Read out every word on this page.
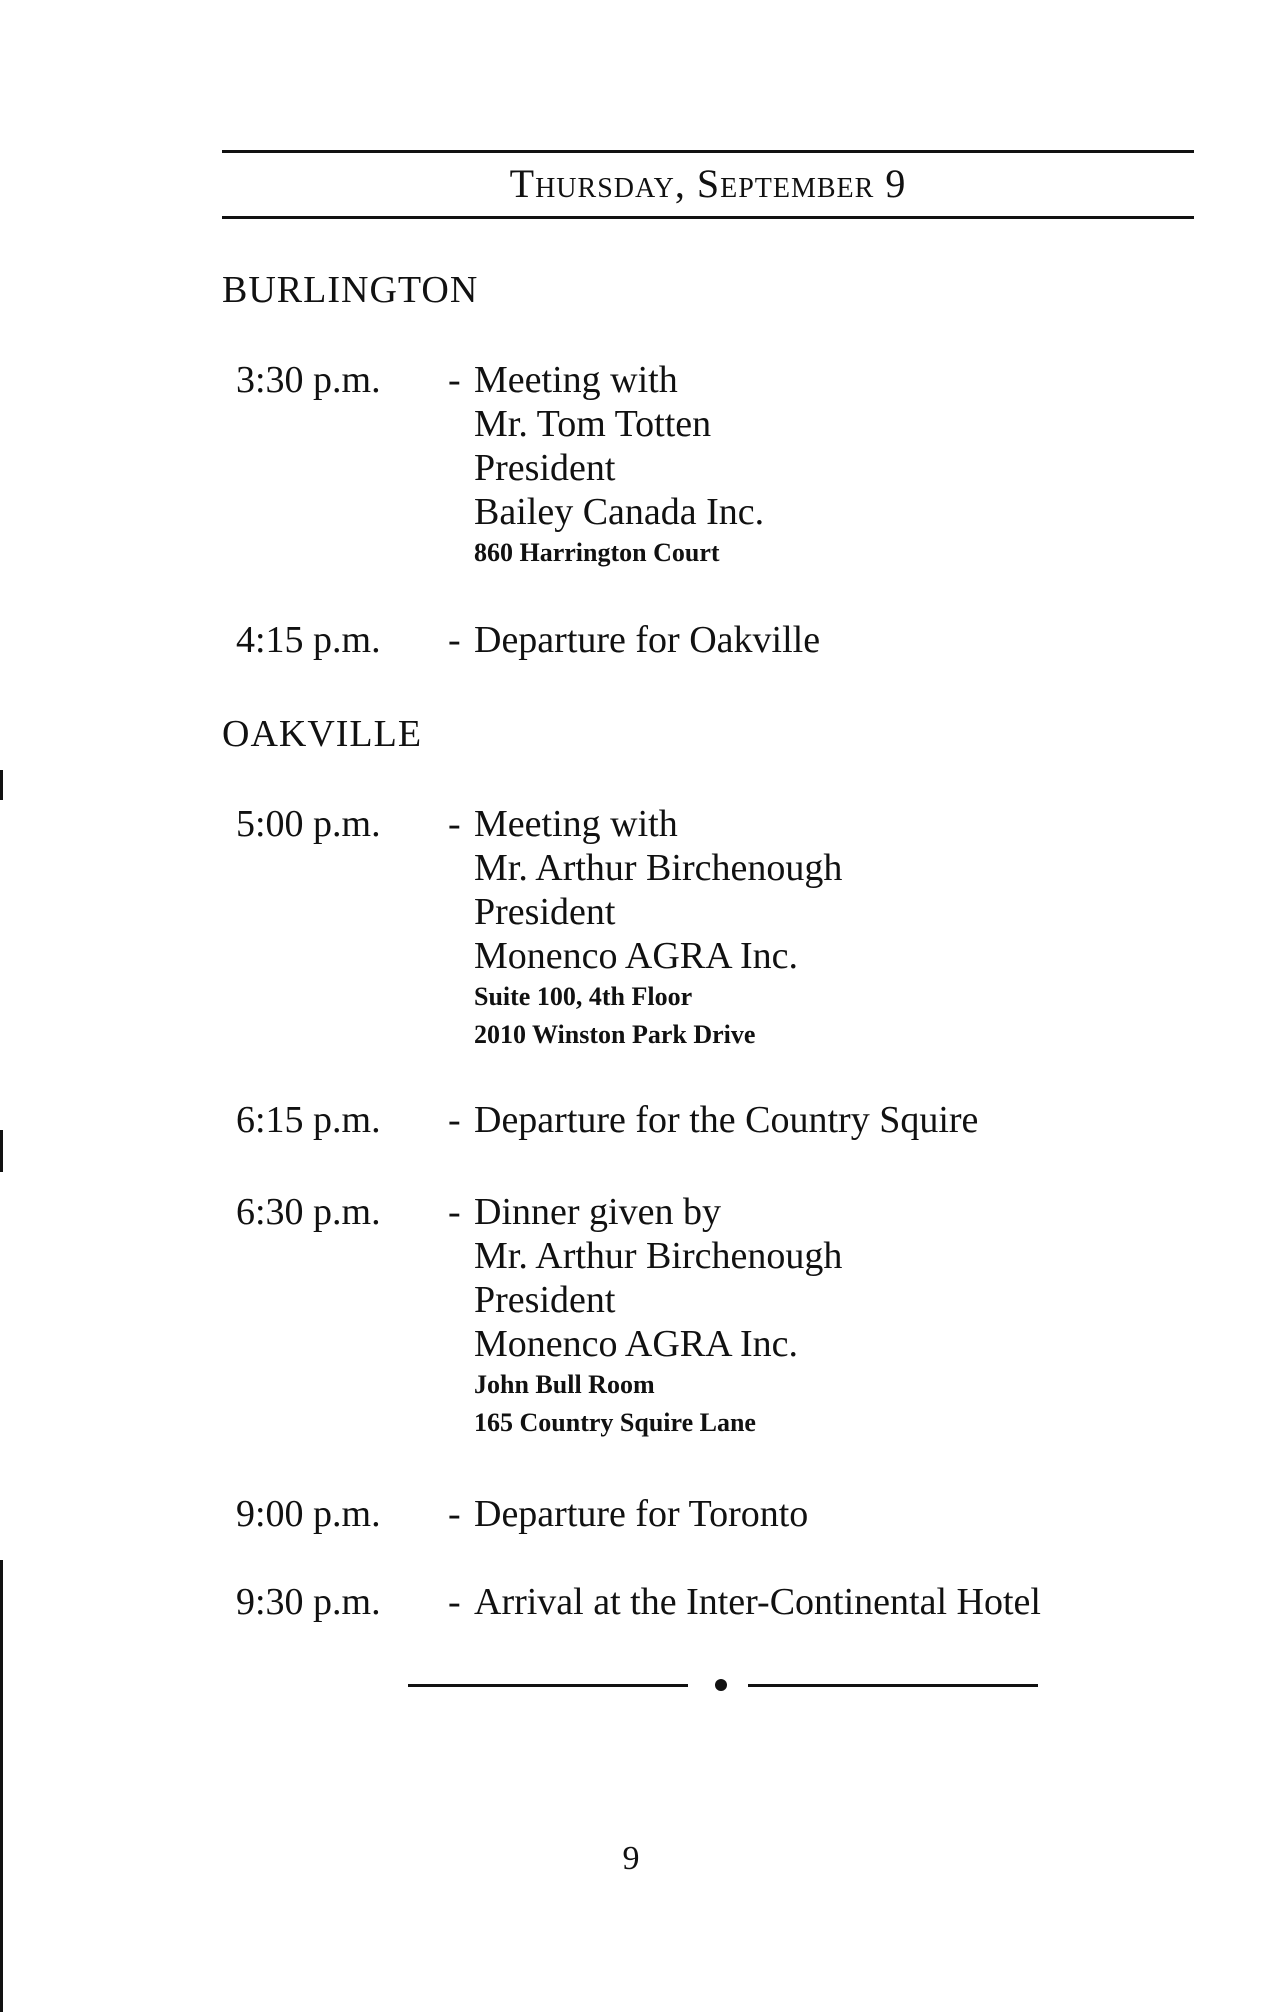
Thursday, September 9
BURLINGTON
3:30 p.m.	- Meeting with
Mr. Tom Totten
President
Bailey Canada Inc.
860 Harrington Court
4:15 p.m.	- Departure for Oakville
OAKVILLE
5:00 p.m.	- Meeting with
Mr. Arthur Birchenough
President
Monenco AGRA Inc.
Suite 100, 4th Floor
2010 Winston Park Drive
6:15 p.m.	- Departure for the Country Squire
6:30 p.m.	- Dinner given by
Mr. Arthur Birchenough
President
Monenco AGRA Inc.
John Bull Room
165 Country Squire Lane
9:00 p.m.	- Departure for Toronto
9:30 p.m.	- Arrival at the Inter-Continental Hotel
9
